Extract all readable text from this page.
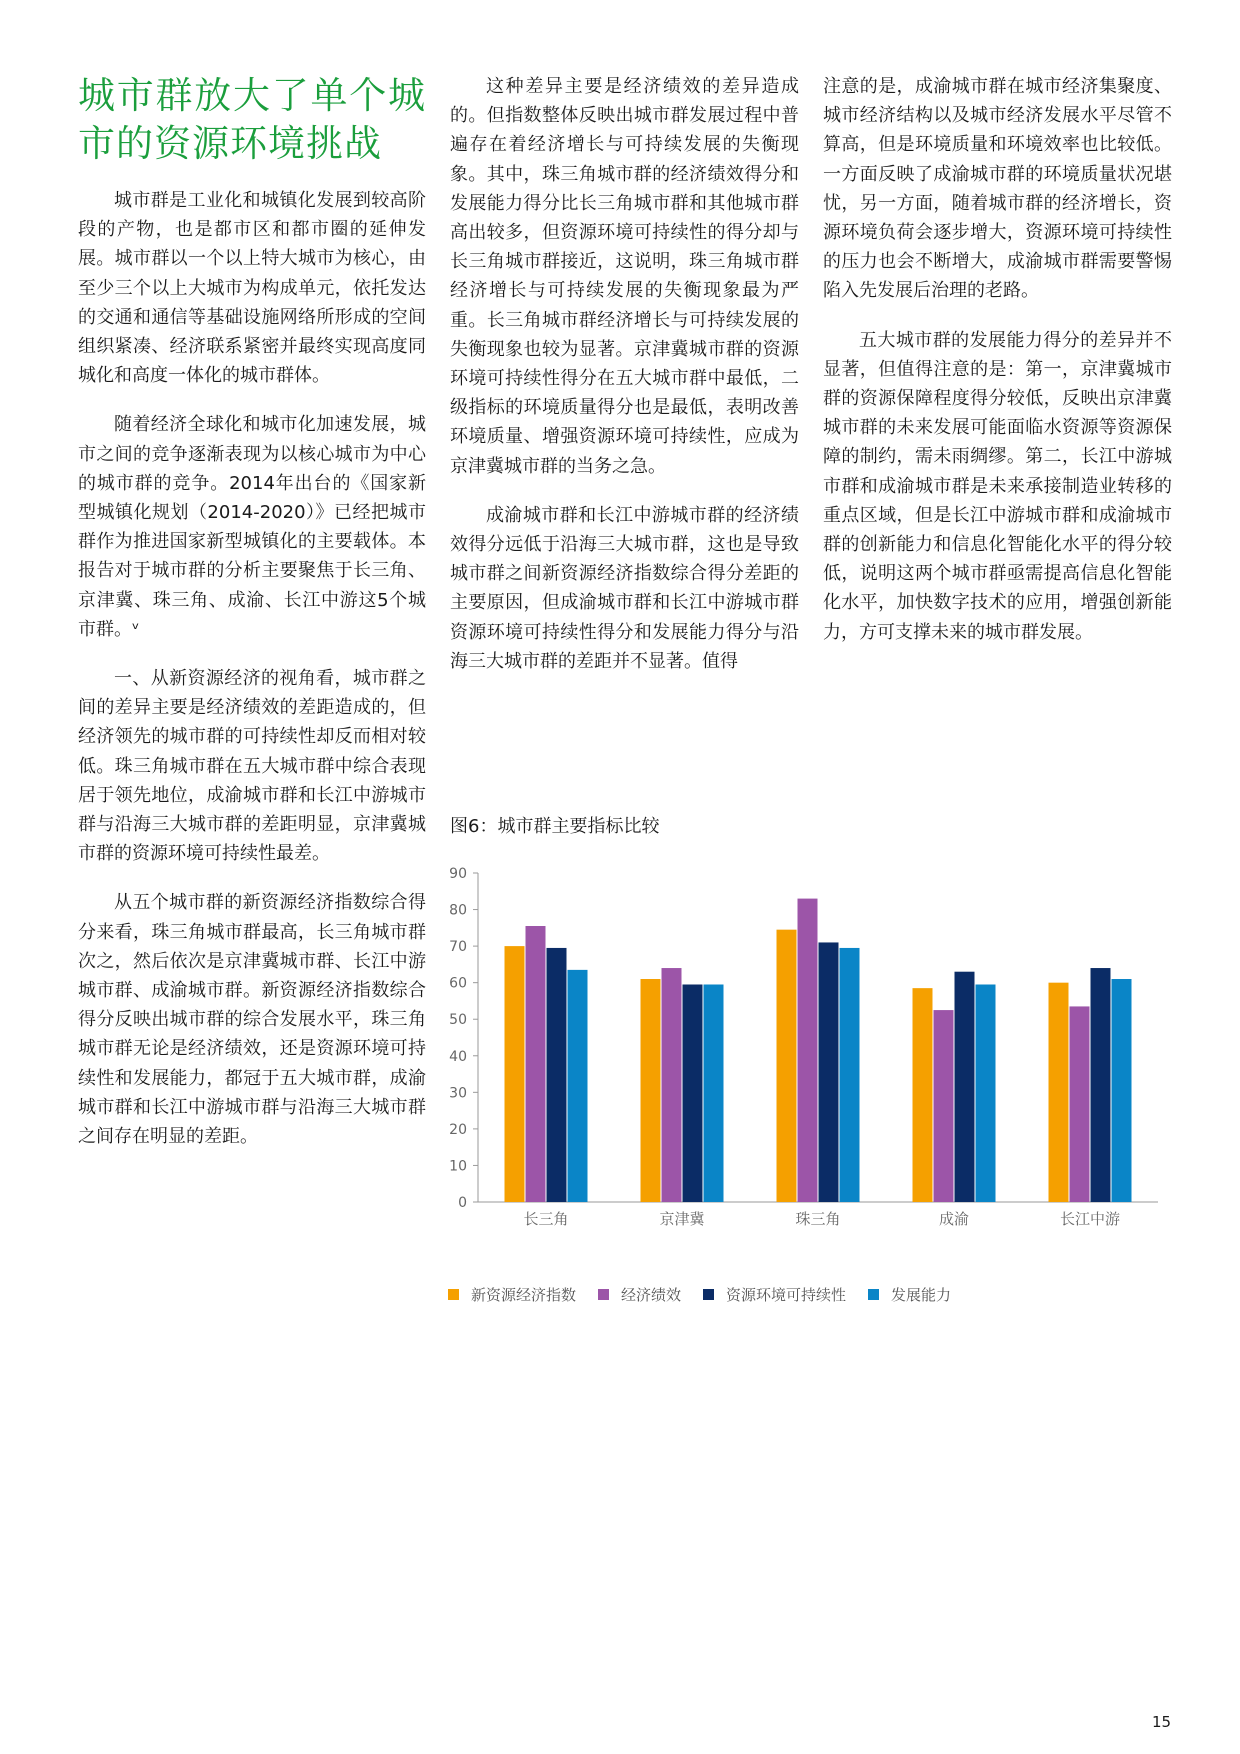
城市群放大了单个城市的资源环境挑战

城市群是工业化和城镇化发展到较高阶段的产物，也是都市区和都市圈的延伸发展。城市群以一个以上特大城市为核心，由至少三个以上大城市为构成单元，依托发达的交通和通信等基础设施网络所形成的空间组织紧凑、经济联系紧密并最终实现高度同城化和高度一体化的城市群体。

随着经济全球化和城市化加速发展，城市之间的竞争逐渐表现为以核心城市为中心的城市群的竞争。2014年出台的《国家新型城镇化规划（2014-2020）》已经把城市群作为推进国家新型城镇化的主要载体。本报告对于城市群的分析主要聚焦于长三角、京津冀、珠三角、成渝、长江中游这5个城市群。ᵛ

一、从新资源经济的视角看，城市群之间的差异主要是经济绩效的差距造成的，但经济领先的城市群的可持续性却反而相对较低。珠三角城市群在五大城市群中综合表现居于领先地位，成渝城市群和长江中游城市群与沿海三大城市群的差距明显，京津冀城市群的资源环境可持续性最差。

从五个城市群的新资源经济指数综合得分来看，珠三角城市群最高，长三角城市群次之，然后依次是京津冀城市群、长江中游城市群、成渝城市群。新资源经济指数综合得分反映出城市群的综合发展水平，珠三角城市群无论是经济绩效，还是资源环境可持续性和发展能力，都冠于五大城市群，成渝城市群和长江中游城市群与沿海三大城市群之间存在明显的差距。

这种差异主要是经济绩效的差异造成的。但指数整体反映出城市群发展过程中普遍存在着经济增长与可持续发展的失衡现象。其中，珠三角城市群的经济绩效得分和发展能力得分比长三角城市群和其他城市群高出较多，但资源环境可持续性的得分却与长三角城市群接近，这说明，珠三角城市群经济增长与可持续发展的失衡现象最为严重。长三角城市群经济增长与可持续发展的失衡现象也较为显著。京津冀城市群的资源环境可持续性得分在五大城市群中最低，二级指标的环境质量得分也是最低，表明改善环境质量、增强资源环境可持续性，应成为京津冀城市群的当务之急。

成渝城市群和长江中游城市群的经济绩效得分远低于沿海三大城市群，这也是导致城市群之间新资源经济指数综合得分差距的主要原因，但成渝城市群和长江中游城市群资源环境可持续性得分和发展能力得分与沿海三大城市群的差距并不显著。值得

注意的是，成渝城市群在城市经济集聚度、城市经济结构以及城市经济发展水平尽管不算高，但是环境质量和环境效率也比较低。一方面反映了成渝城市群的环境质量状况堪忧，另一方面，随着城市群的经济增长，资源环境负荷会逐步增大，资源环境可持续性的压力也会不断增大，成渝城市群需要警惕陷入先发展后治理的老路。

五大城市群的发展能力得分的差异并不显著，但值得注意的是：第一，京津冀城市群的资源保障程度得分较低，反映出京津冀城市群的未来发展可能面临水资源等资源保障的制约，需未雨绸缪。第二，长江中游城市群和成渝城市群是未来承接制造业转移的重点区域，但是长江中游城市群和成渝城市群的创新能力和信息化智能化水平的得分较低，说明这两个城市群亟需提高信息化智能化水平，加快数字技术的应用，增强创新能力，方可支撑未来的城市群发展。

图6：城市群主要指标比较
0
10
20
30
40
50
60
70
80
90
长三角	京津冀	珠三角	成渝	长江中游
新资源经济指数	经济绩效	资源环境可持续性	发展能力
15
